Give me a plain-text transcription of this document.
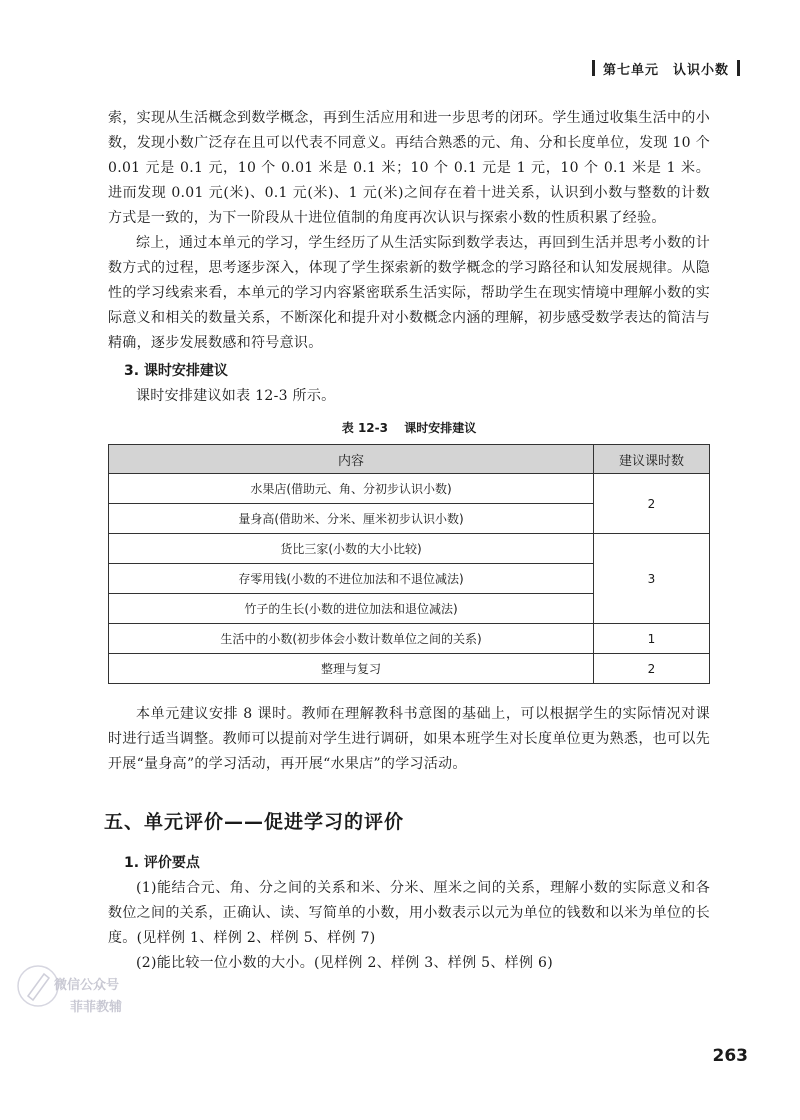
第七单元 认识小数

索，实现从生活概念到数学概念，再到生活应用和进一步思考的闭环。学生通过收集生活中的小数，发现小数广泛存在且可以代表不同意义。再结合熟悉的元、角、分和长度单位，发现 10 个 0.01 元是 0.1 元，10 个 0.01 米是 0.1 米；10 个 0.1 元是 1 元，10 个 0.1 米是 1 米。进而发现 0.01 元(米)、0.1 元(米)、1 元(米)之间存在着十进关系，认识到小数与整数的计数方式是一致的，为下一阶段从十进位值制的角度再次认识与探索小数的性质积累了经验。

综上，通过本单元的学习，学生经历了从生活实际到数学表达，再回到生活并思考小数的计数方式的过程，思考逐步深入，体现了学生探索新的数学概念的学习路径和认知发展规律。从隐性的学习线索来看，本单元的学习内容紧密联系生活实际，帮助学生在现实情境中理解小数的实际意义和相关的数量关系，不断深化和提升对小数概念内涵的理解，初步感受数学表达的简洁与精确，逐步发展数感和符号意识。

3. 课时安排建议

课时安排建议如表 12-3 所示。

表 12-3 课时安排建议
内容	建议课时数
水果店(借助元、角、分初步认识小数)	2
量身高(借助米、分米、厘米初步认识小数)	
货比三家(小数的大小比较)	3
存零用钱(小数的不进位加法和不退位减法)	
竹子的生长(小数的进位加法和退位减法)	
生活中的小数(初步体会小数计数单位之间的关系)	1
整理与复习	2

本单元建议安排 8 课时。教师在理解教科书意图的基础上，可以根据学生的实际情况对课时进行适当调整。教师可以提前对学生进行调研，如果本班学生对长度单位更为熟悉，也可以先开展“量身高”的学习活动，再开展“水果店”的学习活动。

五、单元评价——促进学习的评价
1. 评价要点

(1)能结合元、角、分之间的关系和米、分米、厘米之间的关系，理解小数的实际意义和各数位之间的关系，正确认、读、写简单的小数，用小数表示以元为单位的钱数和以米为单位的长度。(见样例 1、样例 2、样例 5、样例 7)

(2)能比较一位小数的大小。(见样例 2、样例 3、样例 5、样例 6)

微信公众号
菲菲教辅
263
